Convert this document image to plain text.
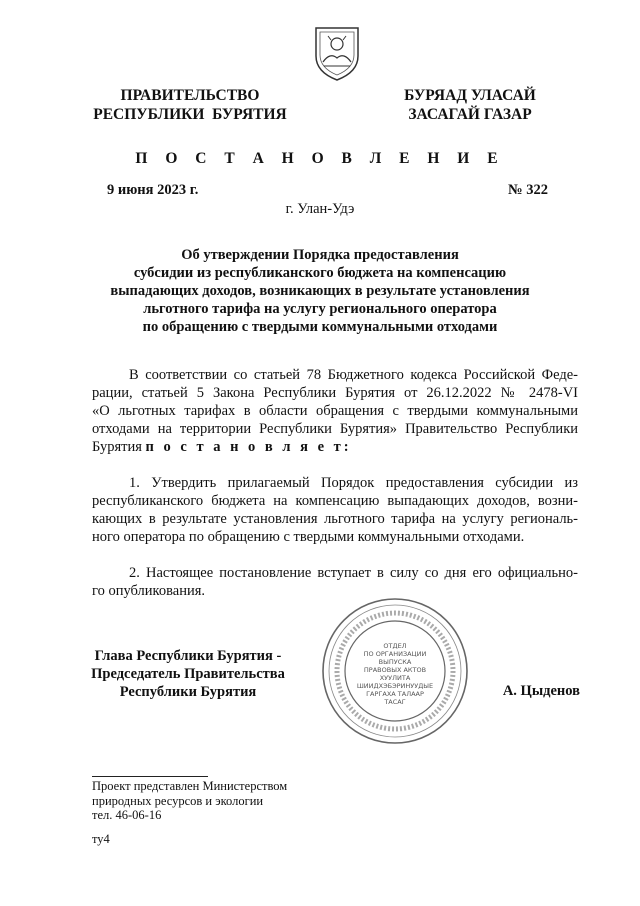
ПРАВИТЕЛЬСТВО
РЕСПУБЛИКИ  БУРЯТИЯ
БУРЯАД УЛАСАЙ
ЗАСАГАЙ ГАЗАР
П О С Т А Н О В Л Е Н И Е
9 июня 2023 г.	№ 322
г. Улан-Удэ
Об утверждении Порядка предоставления
субсидии из республиканского бюджета на компенсацию
выпадающих доходов, возникающих в результате установления
льготного тарифа на услугу регионального оператора
по обращению с твердыми коммунальными отходами
В соответствии со статьей 78 Бюджетного кодекса Российской Феде-
рации, статьей 5 Закона Республики Бурятия от 26.12.2022 № 2478-VI
«О льготных тарифах в области обращения с твердыми коммунальными
отходами на территории Республики Бурятия» Правительство Республики
Бурятия п о с т а н о в л я е т:
1. Утвердить прилагаемый Порядок предоставления субсидии из
республиканского бюджета на компенсацию выпадающих доходов, возни-
кающих в результате установления льготного тарифа на услугу региональ-
ного оператора по обращению с твердыми коммунальными отходами.
2. Настоящее постановление вступает в силу со дня его официально-
го опубликования.
ОТДЕЛ
ПО ОРГАНИЗАЦИИ
ВЫПУСКА
ПРАВОВЫХ АКТОВ
ХУУЛИТА
ШИИДХЭБЭРИНУУДЫЕ
ГАРГАХА ТАЛААР
ТАСАГ
Глава Республики Бурятия -
Председатель Правительства
Республики Бурятия	А. Цыденов
Проект представлен Министерством
природных ресурсов и экологии
тел. 46-06-16
ту4
